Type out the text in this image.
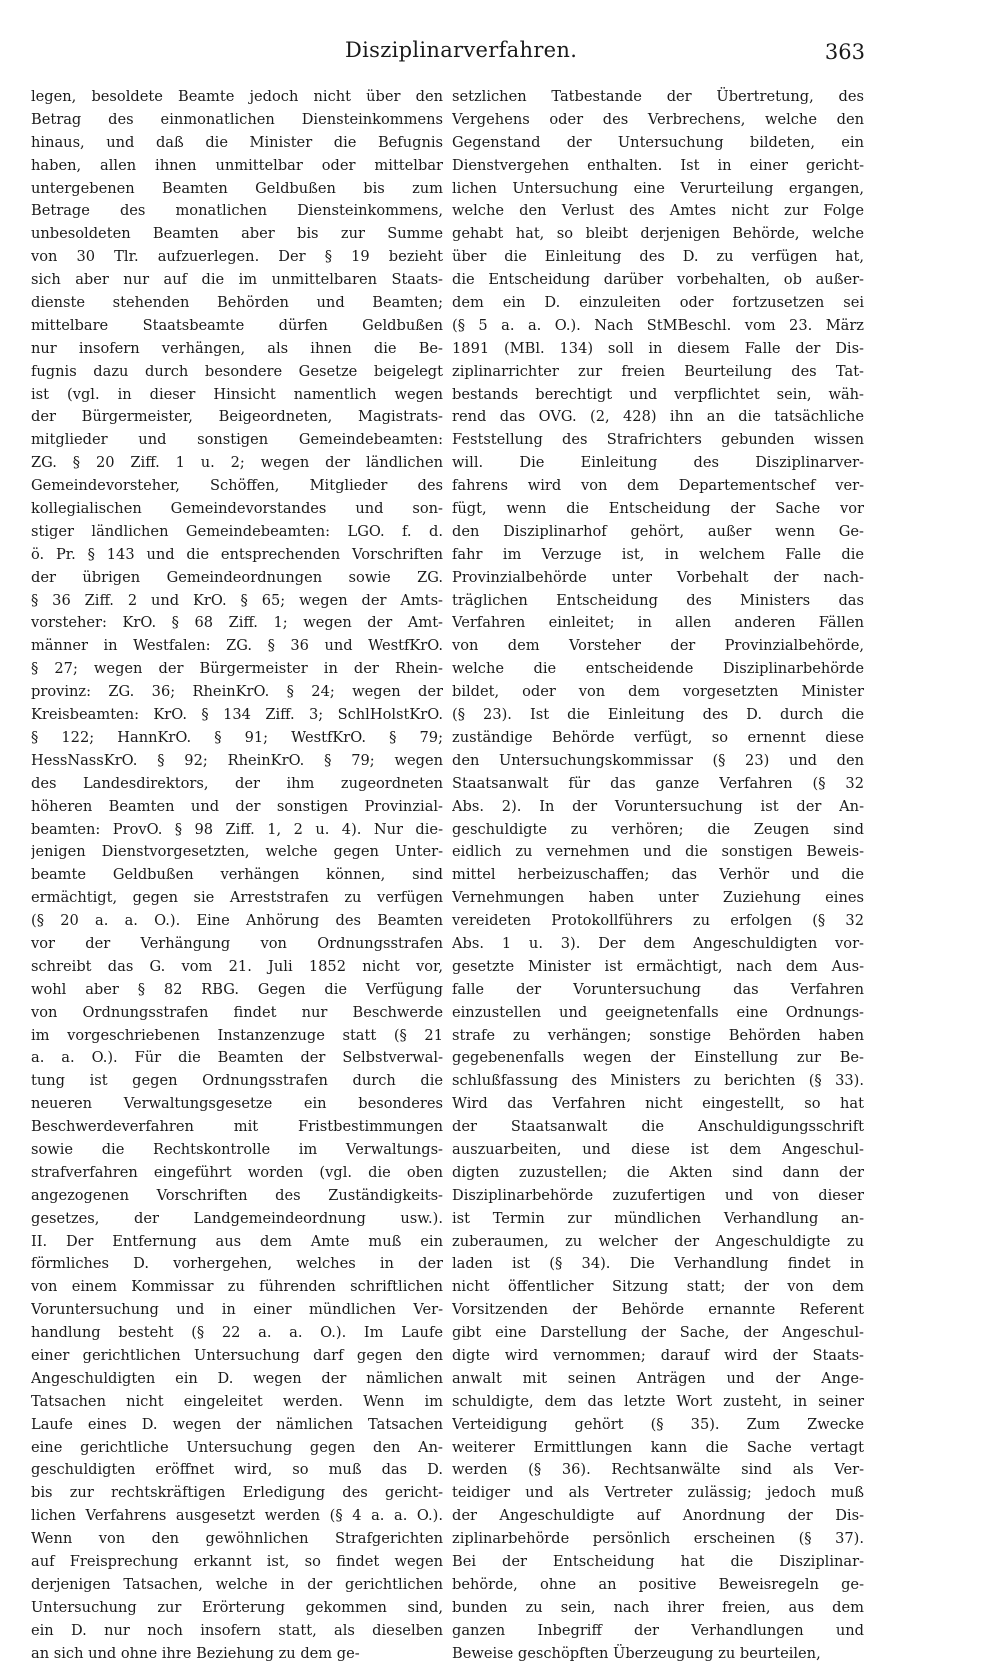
Disziplinarverfahren.	363
legen, besoldete Beamte jedoch nicht über den
Betrag des einmonatlichen Diensteinkommens
hinaus, und daß die Minister die Befugnis
haben, allen ihnen unmittelbar oder mittelbar
untergebenen Beamten Geldbußen bis zum
Betrage des monatlichen Diensteinkommens,
unbesoldeten Beamten aber bis zur Summe
von 30 Tlr. aufzuerlegen. Der § 19 bezieht
sich aber nur auf die im unmittelbaren Staats-
dienste stehenden Behörden und Beamten;
mittelbare Staatsbeamte dürfen Geldbußen
nur insofern verhängen, als ihnen die Be-
fugnis dazu durch besondere Gesetze beigelegt
ist (vgl. in dieser Hinsicht namentlich wegen
der Bürgermeister, Beigeordneten, Magistrats-
mitglieder und sonstigen Gemeindebeamten:
ZG. § 20 Ziff. 1 u. 2; wegen der ländlichen
Gemeindevorsteher, Schöffen, Mitglieder des
kollegialischen Gemeindevorstandes und son-
stiger ländlichen Gemeindebeamten: LGO. f. d.
ö. Pr. § 143 und die entsprechenden Vorschriften
der übrigen Gemeindeordnungen sowie ZG.
§ 36 Ziff. 2 und KrO. § 65; wegen der Amts-
vorsteher: KrO. § 68 Ziff. 1; wegen der Amt-
männer in Westfalen: ZG. § 36 und WestfKrO.
§ 27; wegen der Bürgermeister in der Rhein-
provinz: ZG. 36; RheinKrO. § 24; wegen der
Kreisbeamten: KrO. § 134 Ziff. 3; SchlHolstKrO.
§ 122; HannKrO. § 91; WestfKrO. § 79;
HessNassKrO. § 92; RheinKrO. § 79; wegen
des Landesdirektors, der ihm zugeordneten
höheren Beamten und der sonstigen Provinzial-
beamten: ProvO. § 98 Ziff. 1, 2 u. 4). Nur die-
jenigen Dienstvorgesetzten, welche gegen Unter-
beamte Geldbußen verhängen können, sind
ermächtigt, gegen sie Arreststrafen zu verfügen
(§ 20 a. a. O.). Eine Anhörung des Beamten
vor der Verhängung von Ordnungsstrafen
schreibt das G. vom 21. Juli 1852 nicht vor,
wohl aber § 82 RBG. Gegen die Verfügung
von Ordnungsstrafen findet nur Beschwerde
im vorgeschriebenen Instanzenzuge statt (§ 21
a. a. O.). Für die Beamten der Selbstverwal-
tung ist gegen Ordnungsstrafen durch die
neueren Verwaltungsgesetze ein besonderes
Beschwerdeverfahren mit Fristbestimmungen
sowie die Rechtskontrolle im Verwaltungs-
strafverfahren eingeführt worden (vgl. die oben
angezogenen Vorschriften des Zuständigkeits-
gesetzes, der Landgemeindeordnung usw.).
II. Der Entfernung aus dem Amte muß ein
förmliches D. vorhergehen, welches in der
von einem Kommissar zu führenden schriftlichen
Voruntersuchung und in einer mündlichen Ver-
handlung besteht (§ 22 a. a. O.). Im Laufe
einer gerichtlichen Untersuchung darf gegen den
Angeschuldigten ein D. wegen der nämlichen
Tatsachen nicht eingeleitet werden. Wenn im
Laufe eines D. wegen der nämlichen Tatsachen
eine gerichtliche Untersuchung gegen den An-
geschuldigten eröffnet wird, so muß das D.
bis zur rechtskräftigen Erledigung des gericht-
lichen Verfahrens ausgesetzt werden (§ 4 a. a. O.).
Wenn von den gewöhnlichen Strafgerichten
auf Freisprechung erkannt ist, so findet wegen
derjenigen Tatsachen, welche in der gerichtlichen
Untersuchung zur Erörterung gekommen sind,
ein D. nur noch insofern statt, als dieselben
an sich und ohne ihre Beziehung zu dem ge-
setzlichen Tatbestande der Übertretung, des
Vergehens oder des Verbrechens, welche den
Gegenstand der Untersuchung bildeten, ein
Dienstvergehen enthalten. Ist in einer gericht-
lichen Untersuchung eine Verurteilung ergangen,
welche den Verlust des Amtes nicht zur Folge
gehabt hat, so bleibt derjenigen Behörde, welche
über die Einleitung des D. zu verfügen hat,
die Entscheidung darüber vorbehalten, ob außer-
dem ein D. einzuleiten oder fortzusetzen sei
(§ 5 a. a. O.). Nach StMBeschl. vom 23. März
1891 (MBl. 134) soll in diesem Falle der Dis-
ziplinarrichter zur freien Beurteilung des Tat-
bestands berechtigt und verpflichtet sein, wäh-
rend das OVG. (2, 428) ihn an die tatsächliche
Feststellung des Strafrichters gebunden wissen
will. Die Einleitung des Disziplinarver-
fahrens wird von dem Departementschef ver-
fügt, wenn die Entscheidung der Sache vor
den Disziplinarhof gehört, außer wenn Ge-
fahr im Verzuge ist, in welchem Falle die
Provinzialbehörde unter Vorbehalt der nach-
träglichen Entscheidung des Ministers das
Verfahren einleitet; in allen anderen Fällen
von dem Vorsteher der Provinzialbehörde,
welche die entscheidende Disziplinarbehörde
bildet, oder von dem vorgesetzten Minister
(§ 23). Ist die Einleitung des D. durch die
zuständige Behörde verfügt, so ernennt diese
den Untersuchungskommissar (§ 23) und den
Staatsanwalt für das ganze Verfahren (§ 32
Abs. 2). In der Voruntersuchung ist der An-
geschuldigte zu verhören; die Zeugen sind
eidlich zu vernehmen und die sonstigen Beweis-
mittel herbeizuschaffen; das Verhör und die
Vernehmungen haben unter Zuziehung eines
vereideten Protokollführers zu erfolgen (§ 32
Abs. 1 u. 3). Der dem Angeschuldigten vor-
gesetzte Minister ist ermächtigt, nach dem Aus-
falle der Voruntersuchung das Verfahren
einzustellen und geeignetenfalls eine Ordnungs-
strafe zu verhängen; sonstige Behörden haben
gegebenenfalls wegen der Einstellung zur Be-
schlußfassung des Ministers zu berichten (§ 33).
Wird das Verfahren nicht eingestellt, so hat
der Staatsanwalt die Anschuldigungsschrift
auszuarbeiten, und diese ist dem Angeschul-
digten zuzustellen; die Akten sind dann der
Disziplinarbehörde zuzufertigen und von dieser
ist Termin zur mündlichen Verhandlung an-
zuberaumen, zu welcher der Angeschuldigte zu
laden ist (§ 34). Die Verhandlung findet in
nicht öffentlicher Sitzung statt; der von dem
Vorsitzenden der Behörde ernannte Referent
gibt eine Darstellung der Sache, der Angeschul-
digte wird vernommen; darauf wird der Staats-
anwalt mit seinen Anträgen und der Ange-
schuldigte, dem das letzte Wort zusteht, in seiner
Verteidigung gehört (§ 35). Zum Zwecke
weiterer Ermittlungen kann die Sache vertagt
werden (§ 36). Rechtsanwälte sind als Ver-
teidiger und als Vertreter zulässig; jedoch muß
der Angeschuldigte auf Anordnung der Dis-
ziplinarbehörde persönlich erscheinen (§ 37).
Bei der Entscheidung hat die Disziplinar-
behörde, ohne an positive Beweisregeln ge-
bunden zu sein, nach ihrer freien, aus dem
ganzen Inbegriff der Verhandlungen und
Beweise geschöpften Überzeugung zu beurteilen,
